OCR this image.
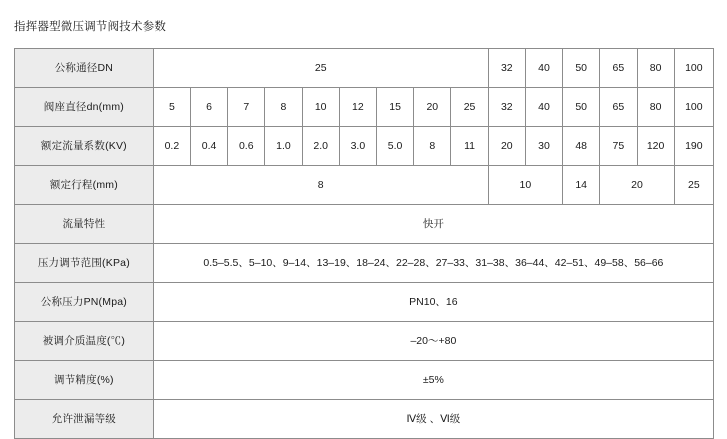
指挥器型微压调节阀技术参数
公称通径DN	25									32	40	50	65	80	100
阀座直径dn(mm)	5	6	7	8	10	12	15	20	25	32	40	50	65	80	100
额定流量系数(KV)	0.2	0.4	0.6	1.0	2.0	3.0	5.0	8	11	20	30	48	75	120	190
额定行程(mm)	8									10		14	20		25
流量特性	快开														
压力调节范围(KPa)	0.5–5.5、5–10、9–14、13–19、18–24、22–28、27–33、31–38、36–44、42–51、49–58、56–66														
公称压力PN(Mpa)	PN10、16														
被调介质温度(℃)	–20～+80														
调节精度(%)	±5%														
允许泄漏等级	Ⅳ级 、Ⅵ级														
